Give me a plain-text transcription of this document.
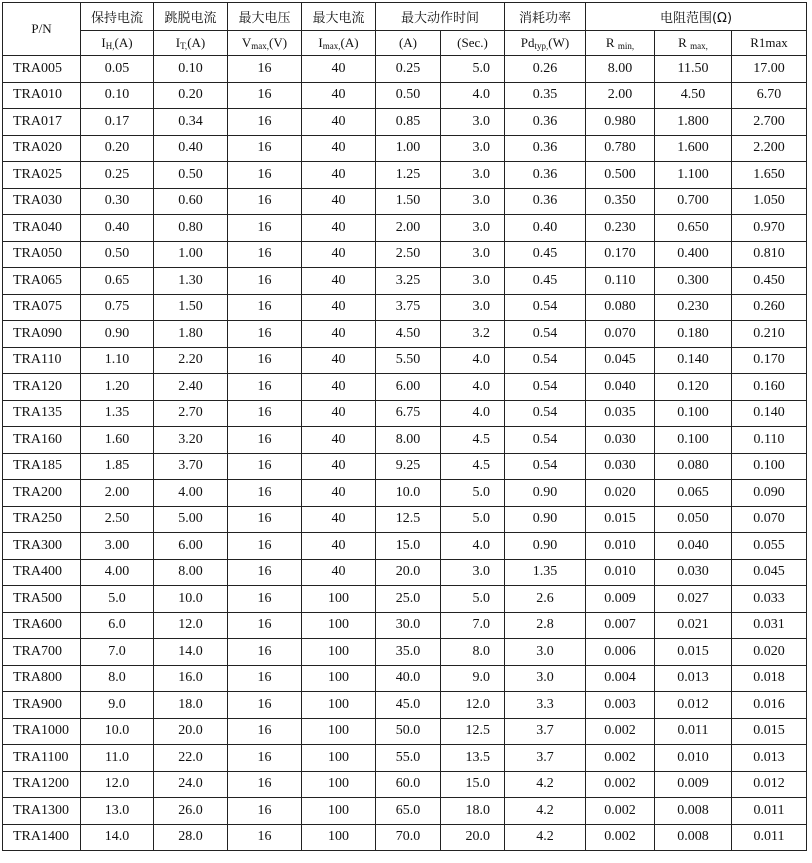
P/N	保持电流	跳脱电流	最大电压	最大电流	最大动作时间		消耗功率	电阻范围(Ω)		
	$I_{H,}(A)$	$I_{T,}(A)$	$V_{max,}(V)$	$I_{max,}(A)$	(A)	(Sec.)	$Pd_{typ,}(W)$	R $_{min,}$	R $_{max,}$	R1max
TRA005	0.05	0.10	16	40	0.25	5.0	0.26	8.00	11.50	17.00
TRA010	0.10	0.20	16	40	0.50	4.0	0.35	2.00	4.50	6.70
TRA017	0.17	0.34	16	40	0.85	3.0	0.36	0.980	1.800	2.700
TRA020	0.20	0.40	16	40	1.00	3.0	0.36	0.780	1.600	2.200
TRA025	0.25	0.50	16	40	1.25	3.0	0.36	0.500	1.100	1.650
TRA030	0.30	0.60	16	40	1.50	3.0	0.36	0.350	0.700	1.050
TRA040	0.40	0.80	16	40	2.00	3.0	0.40	0.230	0.650	0.970
TRA050	0.50	1.00	16	40	2.50	3.0	0.45	0.170	0.400	0.810
TRA065	0.65	1.30	16	40	3.25	3.0	0.45	0.110	0.300	0.450
TRA075	0.75	1.50	16	40	3.75	3.0	0.54	0.080	0.230	0.260
TRA090	0.90	1.80	16	40	4.50	3.2	0.54	0.070	0.180	0.210
TRA110	1.10	2.20	16	40	5.50	4.0	0.54	0.045	0.140	0.170
TRA120	1.20	2.40	16	40	6.00	4.0	0.54	0.040	0.120	0.160
TRA135	1.35	2.70	16	40	6.75	4.0	0.54	0.035	0.100	0.140
TRA160	1.60	3.20	16	40	8.00	4.5	0.54	0.030	0.100	0.110
TRA185	1.85	3.70	16	40	9.25	4.5	0.54	0.030	0.080	0.100
TRA200	2.00	4.00	16	40	10.0	5.0	0.90	0.020	0.065	0.090
TRA250	2.50	5.00	16	40	12.5	5.0	0.90	0.015	0.050	0.070
TRA300	3.00	6.00	16	40	15.0	4.0	0.90	0.010	0.040	0.055
TRA400	4.00	8.00	16	40	20.0	3.0	1.35	0.010	0.030	0.045
TRA500	5.0	10.0	16	100	25.0	5.0	2.6	0.009	0.027	0.033
TRA600	6.0	12.0	16	100	30.0	7.0	2.8	0.007	0.021	0.031
TRA700	7.0	14.0	16	100	35.0	8.0	3.0	0.006	0.015	0.020
TRA800	8.0	16.0	16	100	40.0	9.0	3.0	0.004	0.013	0.018
TRA900	9.0	18.0	16	100	45.0	12.0	3.3	0.003	0.012	0.016
TRA1000	10.0	20.0	16	100	50.0	12.5	3.7	0.002	0.011	0.015
TRA1100	11.0	22.0	16	100	55.0	13.5	3.7	0.002	0.010	0.013
TRA1200	12.0	24.0	16	100	60.0	15.0	4.2	0.002	0.009	0.012
TRA1300	13.0	26.0	16	100	65.0	18.0	4.2	0.002	0.008	0.011
TRA1400	14.0	28.0	16	100	70.0	20.0	4.2	0.002	0.008	0.011
